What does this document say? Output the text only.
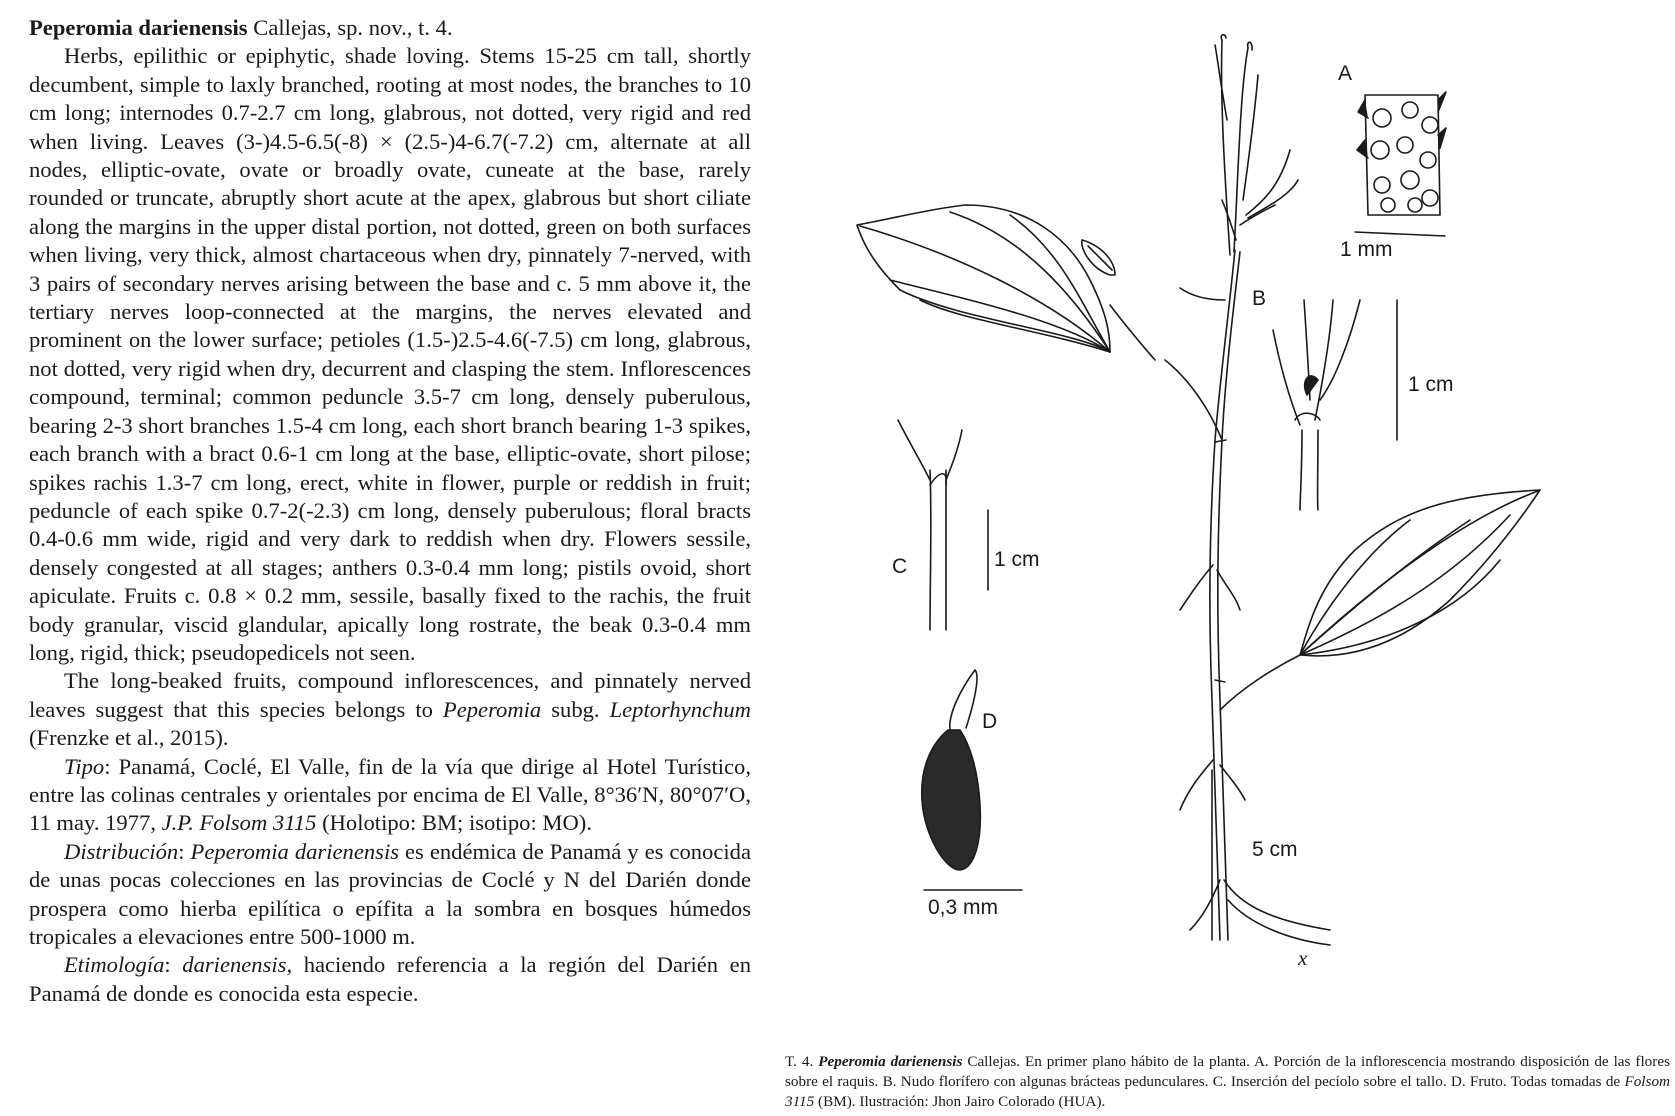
Peperomia darienensis Callejas, sp. nov., t. 4.

Herbs, epilithic or epiphytic, shade loving. Stems 15-25 cm tall, shortly decumbent, simple to laxly branched, rooting at most nodes, the branches to 10 cm long; internodes 0.7-2.7 cm long, glabrous, not dotted, very rigid and red when living. Leaves (3-)4.5-6.5(-8) × (2.5-)4-6.7(-7.2) cm, alternate at all nodes, elliptic-ovate, ovate or broadly ovate, cuneate at the base, rarely rounded or truncate, abruptly short acute at the apex, glabrous but short ciliate along the margins in the upper distal portion, not dotted, green on both surfaces when living, very thick, almost chartaceous when dry, pinnately 7-nerved, with 3 pairs of secondary nerves arising between the base and c. 5 mm above it, the tertiary nerves loop-connected at the margins, the nerves elevated and prominent on the lower surface; petioles (1.5-)2.5-4.6(-7.5) cm long, glabrous, not dotted, very rigid when dry, decurrent and clasping the stem. Inflorescences compound, terminal; common peduncle 3.5-7 cm long, densely puberulous, bearing 2-3 short branches 1.5-4 cm long, each short branch bearing 1-3 spikes, each branch with a bract 0.6-1 cm long at the base, elliptic-ovate, short pilose; spikes rachis 1.3-7 cm long, erect, white in flower, purple or reddish in fruit; peduncle of each spike 0.7-2(-2.3) cm long, densely puberulous; floral bracts 0.4-0.6 mm wide, rigid and very dark to reddish when dry. Flowers sessile, densely congested at all stages; anthers 0.3-0.4 mm long; pistils ovoid, short apiculate. Fruits c. 0.8 × 0.2 mm, sessile, basally fixed to the rachis, the fruit body granular, viscid glandular, apically long rostrate, the beak 0.3-0.4 mm long, rigid, thick; pseudopedicels not seen.

The long-beaked fruits, compound inflorescences, and pinnately nerved leaves suggest that this species belongs to Peperomia subg. Leptorhynchum (Frenzke et al., 2015).

Tipo: Panamá, Coclé, El Valle, fin de la vía que dirige al Hotel Turístico, entre las colinas centrales y orientales por encima de El Valle, 8°36′N, 80°07′O, 11 may. 1977, J.P. Folsom 3115 (Holotipo: BM; isotipo: MO).

Distribución: Peperomia darienensis es endémica de Panamá y es conocida de unas pocas colecciones en las provincias de Coclé y N del Darién donde prospera como hierba epilítica o epífita a la sombra en bosques húmedos tropicales a elevaciones entre 500-1000 m.

Etimología: darienensis, haciendo referencia a la región del Darién en Panamá de donde es conocida esta especie.

A
1 mm
B
1 cm
C	1 cm
D
0,3 mm
5 cm
x
T. 4. Peperomia darienensis Callejas. En primer plano hábito de la planta. A. Porción de la inflorescencia mostrando disposición de las flores sobre el raquis. B. Nudo florífero con algunas brácteas pedunculares. C. Inserción del pecíolo sobre el tallo. D. Fruto. Todas tomadas de Folsom 3115 (BM). Ilustración: Jhon Jairo Colorado (HUA).
